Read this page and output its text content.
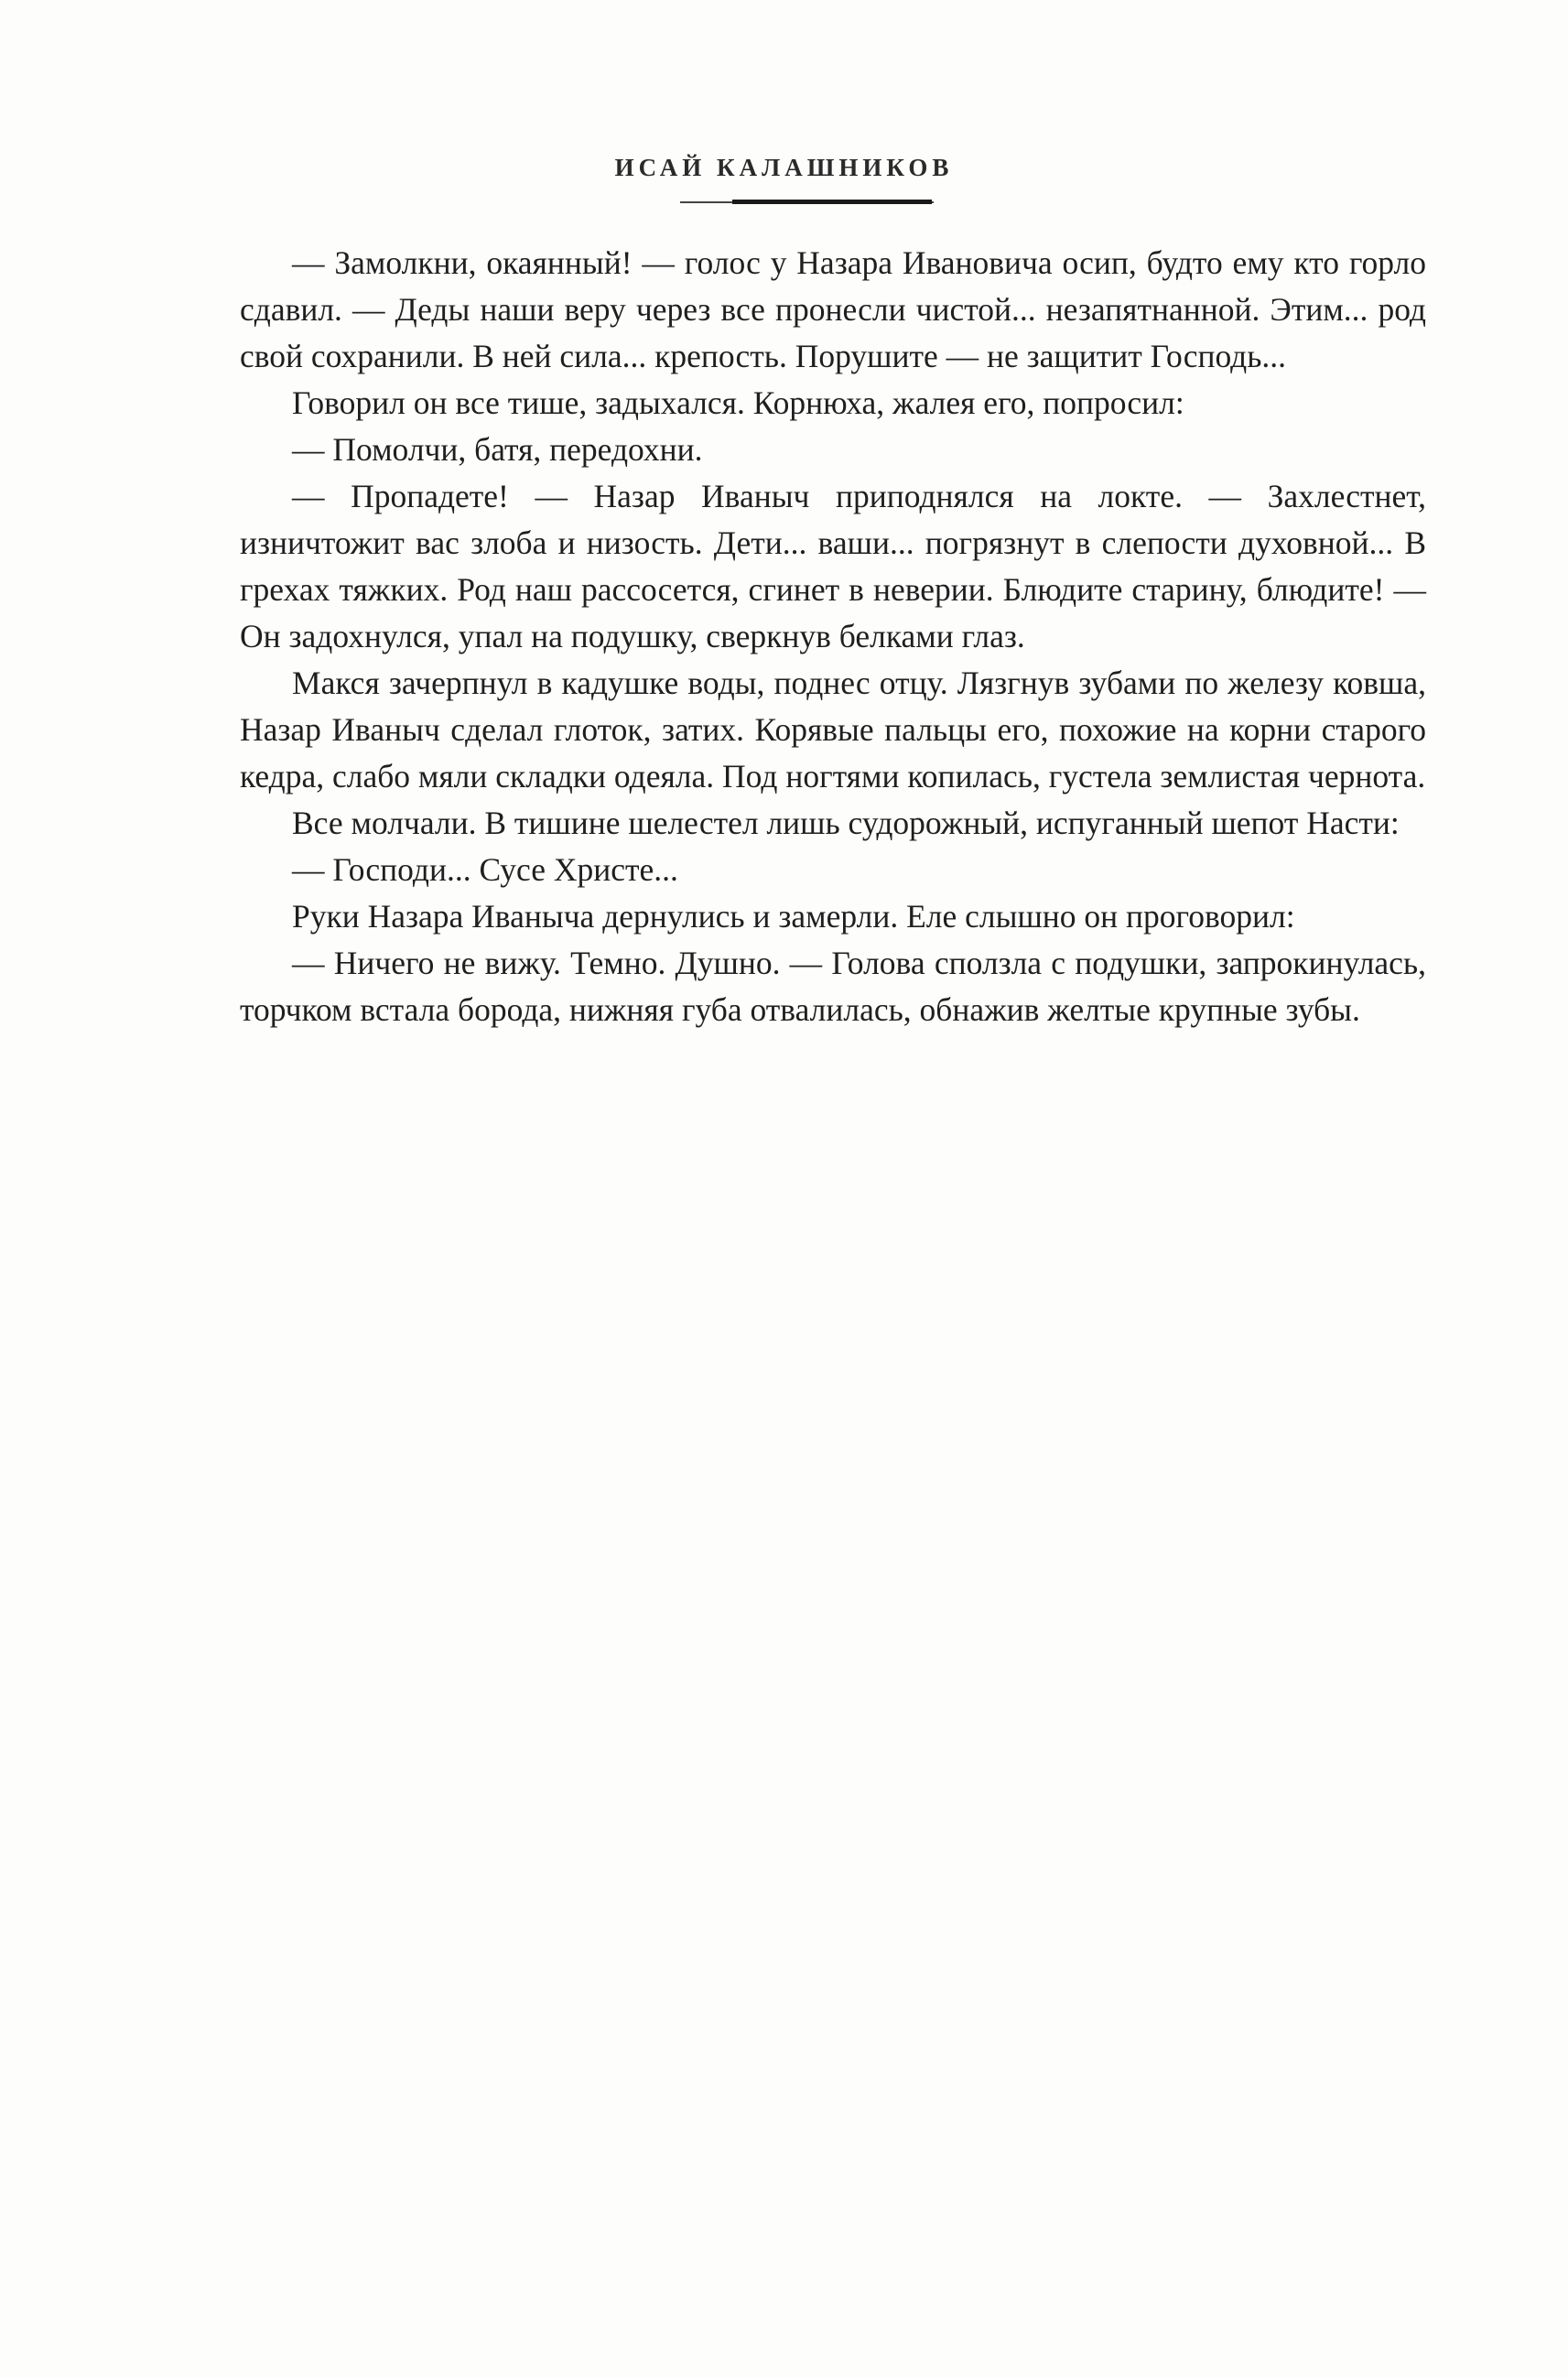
ИСАЙ КАЛАШНИКОВ

— Замолкни, окаянный! — голос у Назара Ивановича осип, будто ему кто горло сдавил. — Деды наши веру через все пронесли чистой... незапятнанной. Этим... род свой сохранили. В ней сила... крепость. Порушите — не защитит Господь...

Говорил он все тише, задыхался. Корнюха, жалея его, попросил:

— Помолчи, батя, передохни.

— Пропадете! — Назар Иваныч приподнялся на локте. — Захлестнет, изничтожит вас злоба и низость. Дети... ваши... погрязнут в слепости духовной... В грехах тяжких. Род наш рассосется, сгинет в неверии. Блюдите старину, блюдите! — Он задохнулся, упал на подушку, сверкнув белками глаз.

Макся зачерпнул в кадушке воды, поднес отцу. Лязгнув зубами по железу ковша, Назар Иваныч сделал глоток, затих. Корявые пальцы его, похожие на корни старого кедра, слабо мяли складки одеяла. Под ногтями копилась, густела землистая чернота.

Все молчали. В тишине шелестел лишь судорожный, испуганный шепот Насти:

— Господи... Сусе Христе...

Руки Назара Иваныча дернулись и замерли. Еле слышно он проговорил:

— Ничего не вижу. Темно. Душно. — Голова сползла с подушки, запрокинулась, торчком встала борода, нижняя губа отвалилась, обнажив желтые крупные зубы.
